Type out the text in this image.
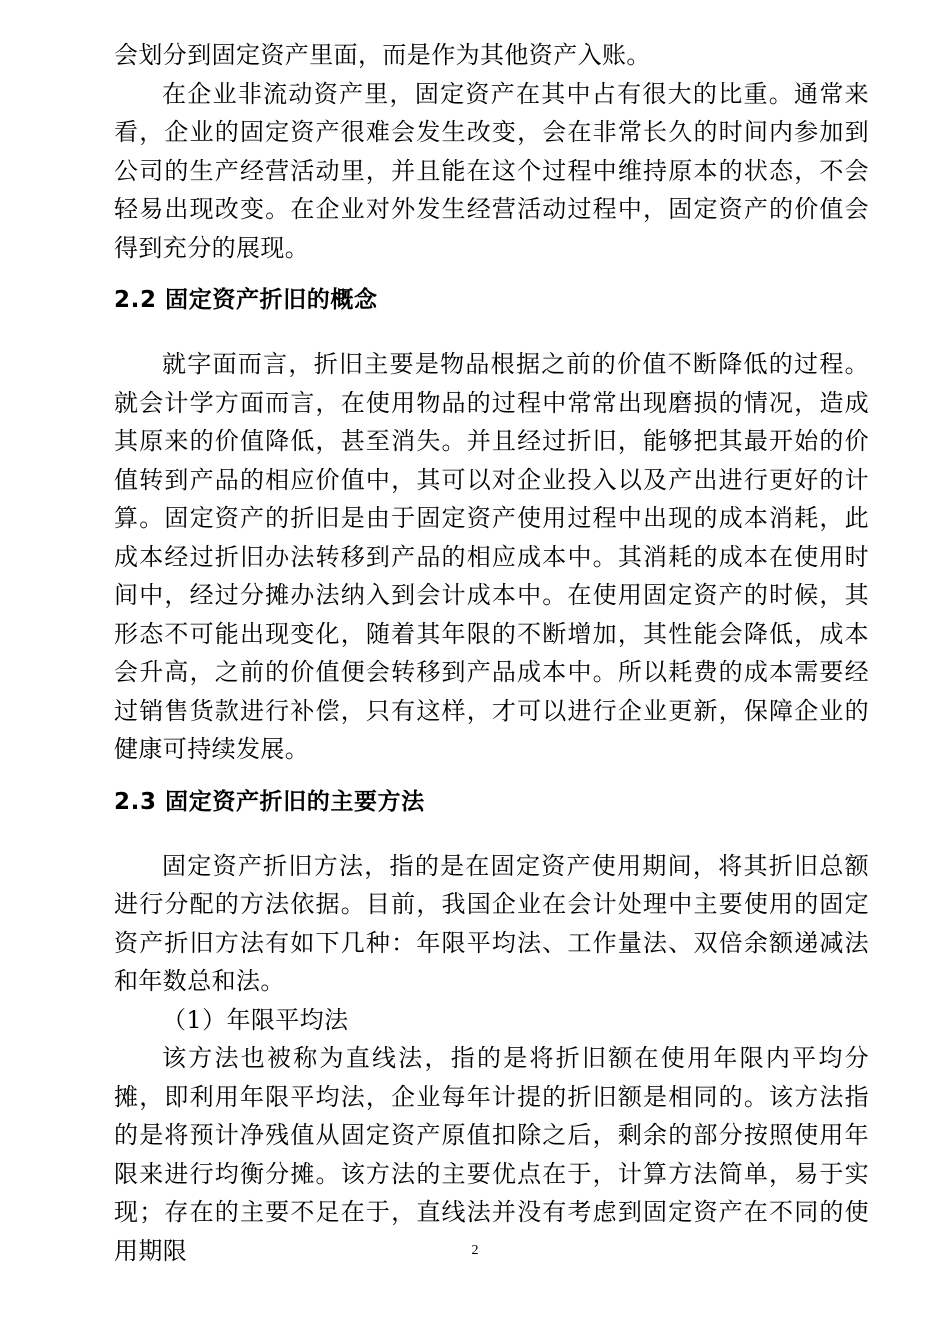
会划分到固定资产里面，而是作为其他资产入账。

在企业非流动资产里，固定资产在其中占有很大的比重。通常来看，企业的固定资产很难会发生改变，会在非常长久的时间内参加到公司的生产经营活动里，并且能在这个过程中维持原本的状态，不会轻易出现改变。在企业对外发生经营活动过程中，固定资产的价值会得到充分的展现。

2.2 固定资产折旧的概念

就字面而言，折旧主要是物品根据之前的价值不断降低的过程。就会计学方面而言，在使用物品的过程中常常出现磨损的情况，造成其原来的价值降低，甚至消失。并且经过折旧，能够把其最开始的价值转到产品的相应价值中，其可以对企业投入以及产出进行更好的计算。固定资产的折旧是由于固定资产使用过程中出现的成本消耗，此成本经过折旧办法转移到产品的相应成本中。其消耗的成本在使用时间中，经过分摊办法纳入到会计成本中。在使用固定资产的时候，其形态不可能出现变化，随着其年限的不断增加，其性能会降低，成本会升高，之前的价值便会转移到产品成本中。所以耗费的成本需要经过销售货款进行补偿，只有这样，才可以进行企业更新，保障企业的健康可持续发展。

2.3 固定资产折旧的主要方法

固定资产折旧方法，指的是在固定资产使用期间，将其折旧总额进行分配的方法依据。目前，我国企业在会计处理中主要使用的固定资产折旧方法有如下几种：年限平均法、工作量法、双倍余额递减法和年数总和法。

（1）年限平均法

该方法也被称为直线法，指的是将折旧额在使用年限内平均分摊，即利用年限平均法，企业每年计提的折旧额是相同的。该方法指的是将预计净残值从固定资产原值扣除之后，剩余的部分按照使用年限来进行均衡分摊。该方法的主要优点在于，计算方法简单，易于实现；存在的主要不足在于，直线法并没有考虑到固定资产在不同的使用期限	2
